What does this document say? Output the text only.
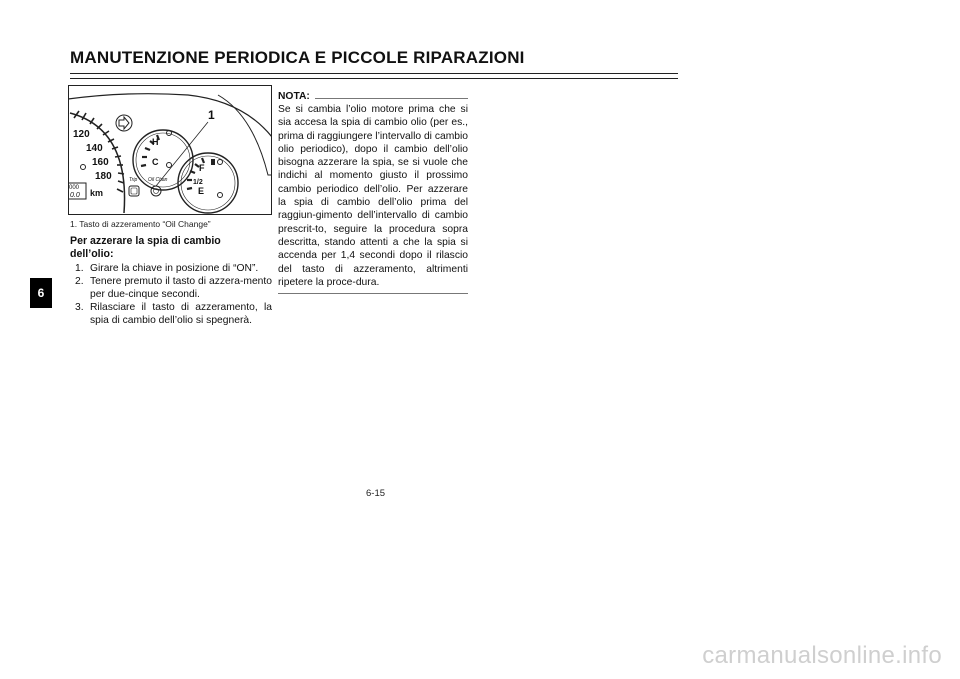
MANUTENZIONE PERIODICA E PICCOLE RIPARAZIONI
6
120
140
160
180
000
0.0 km
H
C
F
1/2
E
Trip Oil Chan
1
1. Tasto di azzeramento “Oil Change”

Per azzerare la spia di cambio
dell’olio:

1. Girare la chiave in posizione di “ON”.
2. Tenere premuto il tasto di azzera-mento per due-cinque secondi.
3. Rilasciare il tasto di azzeramento, la spia di cambio dell’olio si spegnerà.
NOTA:

Se si cambia l’olio motore prima che si sia accesa la spia di cambio olio (per es., prima di raggiungere l’intervallo di cambio olio periodico), dopo il cambio dell’olio bisogna azzerare la spia, se si vuole che indichi al momento giusto il prossimo cambio periodico dell’olio. Per azzerare la spia di cambio dell’olio prima del raggiun-gimento dell’intervallo di cambio prescrit-to, seguire la procedura sopra descritta, stando attenti a che la spia si accenda per 1,4 secondi dopo il rilascio del tasto di azzeramento, altrimenti ripetere la proce-dura.

6-15
carmanualsonline.info
